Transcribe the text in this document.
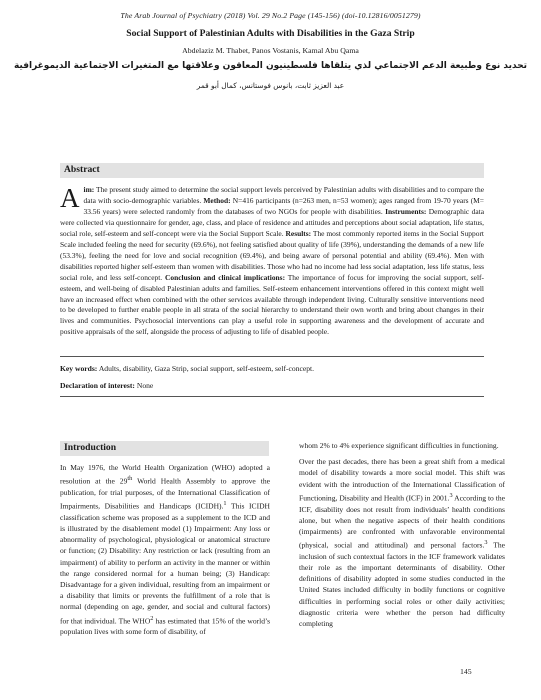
The Arab Journal of Psychiatry (2018) Vol. 29 No.2 Page (145-156) (doi-10.12816/0051279)
Social Support of Palestinian Adults with Disabilities in the Gaza Strip
Abdelaziz M. Thabet, Panos Vostanis, Kamal Abu Qama
تحديد نوع وطبيعة الدعم الاجتماعي لذي يتلقاها فلسطينيون المعاقون وعلاقتها مع المتغيرات الاجتماعية الديموغرافية
عبد العزيز ثابت، بانوس فوستانس، كمال أبو قمر
Abstract
A im: The present study aimed to determine the social support levels perceived by Palestinian adults with disabilities and to compare the data with socio-demographic variables. Method: N=416 participants (n=263 men, n=53 women); ages ranged from 19-70 years (M= 33.56 years) were selected randomly from the databases of two NGOs for people with disabilities. Instruments: Demographic data were collected via questionnaire for gender, age, class, and place of residence and attitudes and perceptions about social adaptation, life status, social role, self-esteem and self-concept were via the Social Support Scale. Results: The most commonly reported items in the Social Support Scale included feeling the need for security (69.6%), not feeling satisfied about quality of life (39%), understanding the demands of a new life (53.3%), feeling the need for love and social recognition (69.4%), and being aware of personal potential and ability (69.4%). Men with disabilities reported higher self-esteem than women with disabilities. Those who had no income had less social adaptation, less life status, less social role, and less self-concept. Conclusion and clinical implications: The importance of focus for improving the social support, self-esteem, and well-being of disabled Palestinian adults and families. Self-esteem enhancement interventions offered in this context might well have an increased effect when combined with the other services available through independent living. Culturally sensitive interventions need to be developed to further enable people in all strata of the social hierarchy to understand their own worth and bring about changes in their lives and communities. Psychosocial interventions can play a useful role in supporting awareness and the development of accurate and positive appraisals of the self, alongside the process of adjusting to life of disabled people.
Key words: Adults, disability, Gaza Strip, social support, self-esteem, self-concept.
Declaration of interest: None
Introduction

In May 1976, the World Health Organization (WHO) adopted a resolution at the 29th World Health Assembly to approve the publication, for trial purposes, of the International Classification of Impairments, Disabilities and Handicaps (ICIDH).$^1$ This ICIDH classification scheme was proposed as a supplement to the ICD and is illustrated by the disablement model (1) Impairment: Any loss or abnormality of psychological, physiological or anatomical structure or function; (2) Disability: Any restriction or lack (resulting from an impairment) of ability to perform an activity in the manner or within the range considered normal for a human being; (3) Handicap: Disadvantage for a given individual, resulting from an impairment or a disability that limits or prevents the fulfillment of a role that is normal (depending on age, gender, and social and cultural factors) for that individual. The WHO$^2$ has estimated that 15% of the world’s population lives with some form of disability, of

whom 2% to 4% experience significant difficulties in functioning.

Over the past decades, there has been a great shift from a medical model of disability towards a more social model. This shift was evident with the introduction of the International Classification of Functioning, Disability and Health (ICF) in 2001.$^3$ According to the ICF, disability does not result from individuals’ health conditions alone, but when the negative aspects of their health conditions (impairments) are confronted with unfavorable environmental (physical, social and attitudinal) and personal factors.$^3$ The inclusion of such contextual factors in the ICF framework validates their role as the important determinants of disability. Other definitions of disability adopted in some studies conducted in the United States included difficulty in bodily functions or cognitive difficulties in performing social roles or other daily activities; diagnostic criteria were whether the person had difficulty completing

145
